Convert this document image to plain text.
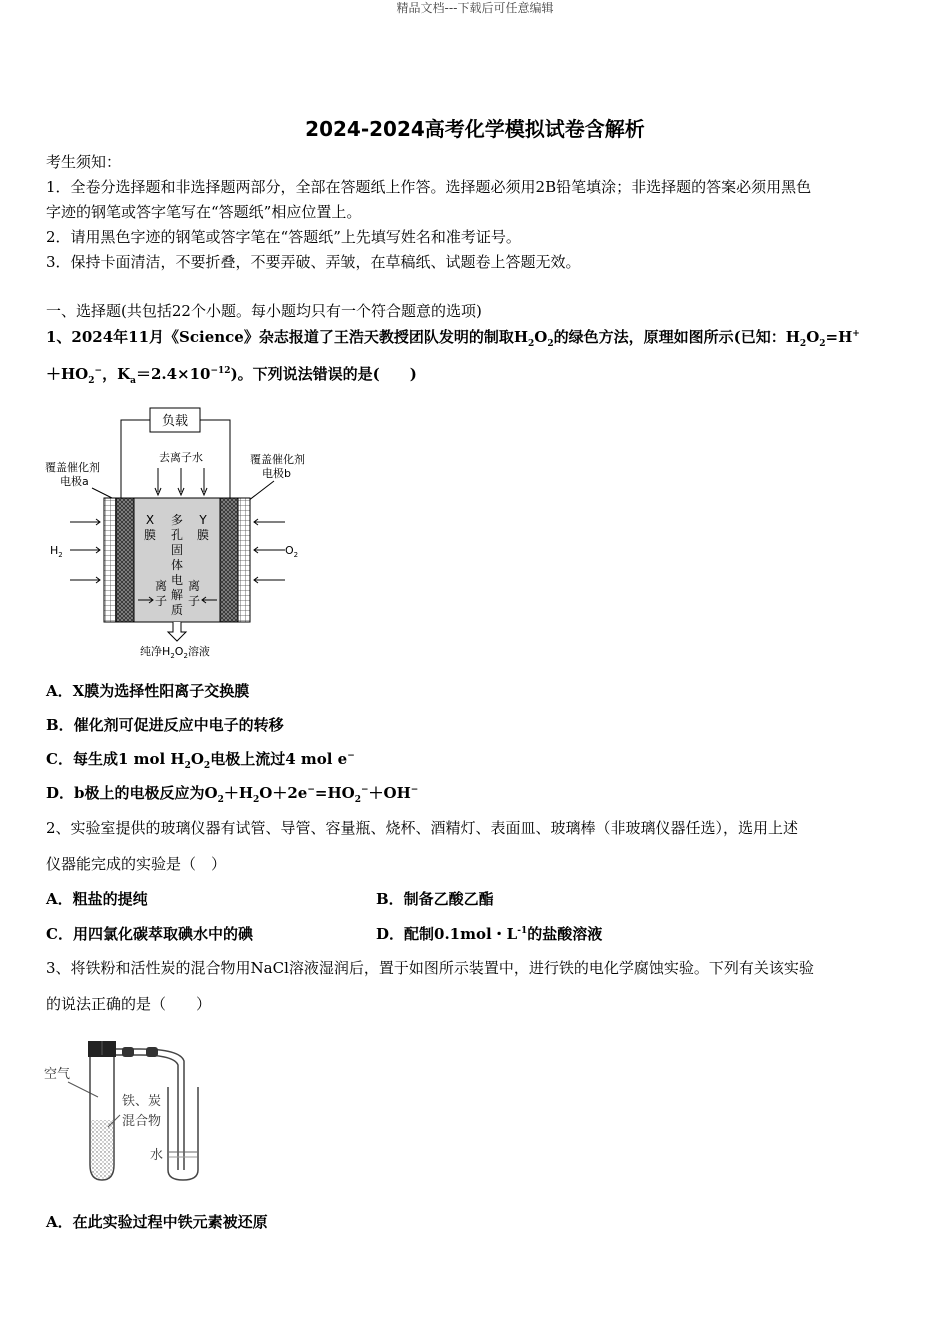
精品文档---下载后可任意编辑
2024-2024高考化学模拟试卷含解析
考生须知：
1．全卷分选择题和非选择题两部分，全部在答题纸上作答。选择题必须用2B铅笔填涂；非选择题的答案必须用黑色
字迹的钢笔或答字笔写在“答题纸”相应位置上。
2．请用黑色字迹的钢笔或答字笔在“答题纸”上先填写姓名和准考证号。
3．保持卡面清洁，不要折叠，不要弄破、弄皱，在草稿纸、试题卷上答题无效。
一、选择题(共包括22个小题。每小题均只有一个符合题意的选项)
1、2024年11月《Science》杂志报道了王浩天教授团队发明的制取$H_2O_2$的绿色方法，原理如图所示(已知：$H_2O_2=H^+$
$+HO_2^-$，$K_a=2.4\times 10^{-12}$)。下列说法错误的是(　　)
负载
去离子水
覆盖催化剂
电极a
覆盖催化剂
电极b
X
膜
Y
膜
多
孔
固
体
电
解
质
离
子
离
子
$H_2$	$O_2$
纯净$H_2O_2$溶液
A．X膜为选择性阳离子交换膜
B．催化剂可促进反应中电子的转移
C．每生成1 mol $H_2O_2$电极上流过4 mol e−
D．b极上的电极反应为$O_2+H_2O+2e^-=HO_2^-+OH^-$
2、实验室提供的玻璃仪器有试管、导管、容量瓶、烧杯、酒精灯、表面皿、玻璃棒（非玻璃仪器任选），选用上述
仪器能完成的实验是（　）
A．粗盐的提纯	B．制备乙酸乙酯
C．用四氯化碳萃取碘水中的碘	D．配制0.1mol・$L^{-1}$的盐酸溶液
3、将铁粉和活性炭的混合物用NaCl溶液湿润后，置于如图所示装置中，进行铁的电化学腐蚀实验。下列有关该实验
的说法正确的是（　　）
空气
铁、炭
混合物
水
A．在此实验过程中铁元素被还原
